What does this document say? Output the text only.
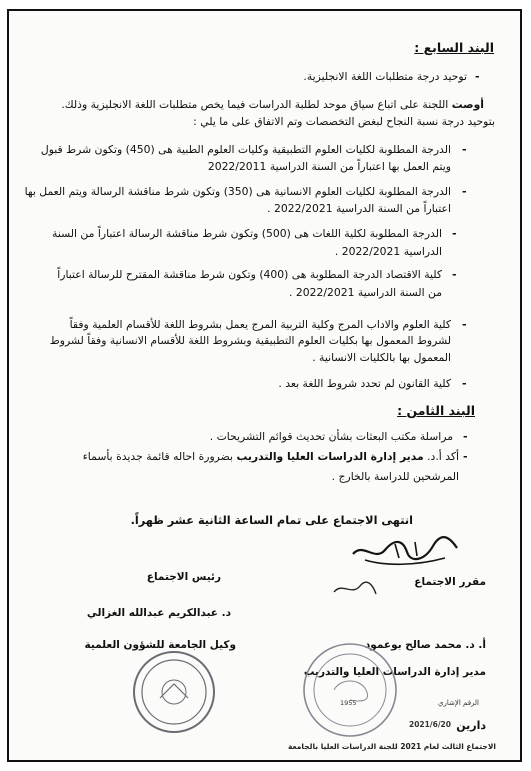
البند السابع :

-

توحيد درجة متطلبات اللغة الانجليزية.

أوصت اللجنة على اتباع سياق موحد لطلبة الدراسات فيما يخص متطلبات اللغة الانجليزية وذلك.

بتوحيد درجة نسبة النجاح لبغض التخصصات وتم الاتفاق على ما يلي :

-

الدرجة المطلوبة لكليات العلوم التطبيقية وكليات العلوم الطبية هى (450) وتكون شرط قبول

ويتم العمل بها اعتباراً من السنة الدراسية 2022/2011

-

الدرجة المطلوبة لكليات العلوم الانسانية هى (350) وتكون شرط مناقشة الرسالة ويتم العمل بها

اعتباراً من السنة الدراسية 2022/2021 .

-

الدرجة المطلوبة لكلية اللغات هى (500) وتكون شرط مناقشة الرسالة اعتباراً من السنة

الدراسية 2022/2021 .

-

كلية الاقتصاد الدرجة المطلوبة هى (400) وتكون شرط مناقشة المقترح للرسالة اعتباراً

من السنة الدراسية 2022/2021 .

-

كلية العلوم والاداب المرج وكلية التربية المرج يعمل بشروط اللغة للأقسام العلمية وفقاً

لشروط المعمول بها بكليات العلوم التطبيقية وبشروط اللغة للأقسام الانسانية وفقاً لشروط

المعمول بها بالكليات الانسانية .

-

كلية القانون لم تحدد شروط اللغة بعد .

البند الثامن :

-

مراسلة مكتب البعثات بشأن تحديث قوائم التشريحات .

-

أكد أ.د. مدير إدارة الدراسات العليا والتدريب بضرورة احاله قائمة جديدة بأسماء

المرشحين للدراسة بالخارج .

انتهى الاجتماع على تمام الساعة الثانية عشر ظهراً.

رئيس الاجتماع	مقرر الاجتماع

د. عبدالكريم عبدالله الغزالي

أ. د. محمد صالح بوعمود

وكيل الجامعة للشؤون العلمية

مدير إدارة الدراسات العليا والتدريب

1955	الرقم الإشاري

2021/6/20 دارين

الاجتماع الثالث لعام 2021 للجنة الدراسات العليا بالجامعة
